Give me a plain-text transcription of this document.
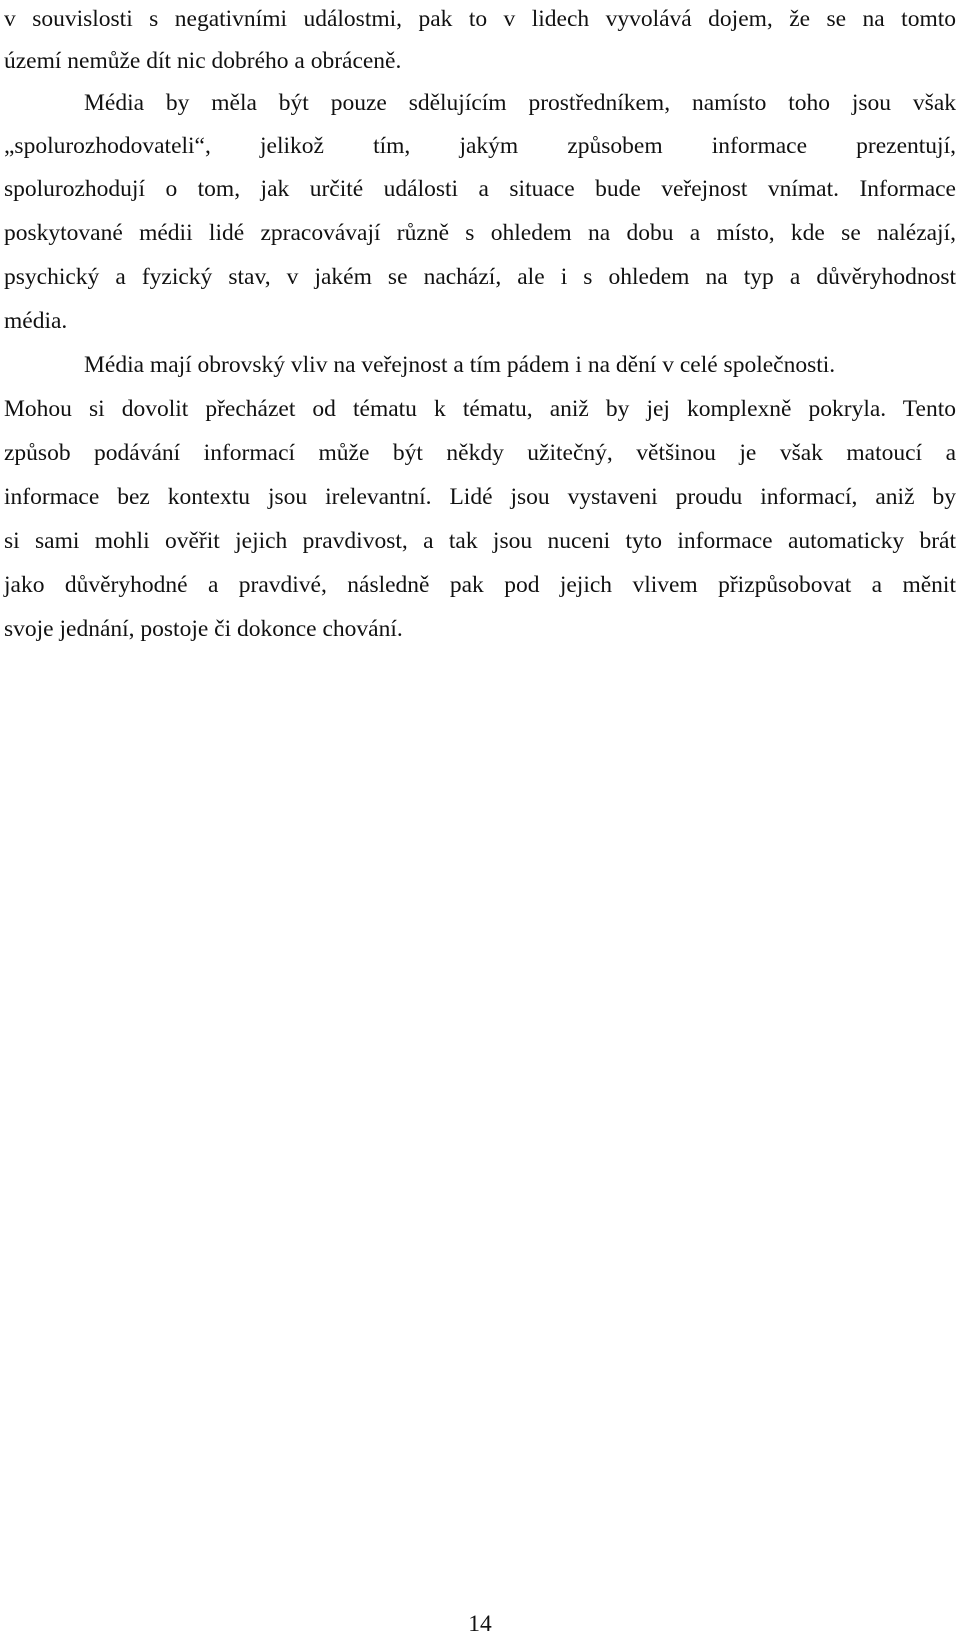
v souvislosti s negativními událostmi, pak to v lidech vyvolává dojem, že se na tomto
území nemůže dít nic dobrého a obráceně.
Média by měla být pouze sdělujícím prostředníkem, namísto toho jsou však
„spolurozhodovateli“, jelikož tím, jakým způsobem informace prezentují,
spolurozhodují o tom, jak určité události a situace bude veřejnost vnímat. Informace
poskytované médii lidé zpracovávají různě s ohledem na dobu a místo, kde se nalézají,
psychický a fyzický stav, v jakém se nachází, ale i s ohledem na typ a důvěryhodnost
média.
Média mají obrovský vliv na veřejnost a tím pádem i na dění v celé společnosti.
Mohou si dovolit přecházet od tématu k tématu, aniž by jej komplexně pokryla. Tento
způsob podávání informací může být někdy užitečný, většinou je však matoucí a
informace bez kontextu jsou irelevantní. Lidé jsou vystaveni proudu informací, aniž by
si sami mohli ověřit jejich pravdivost, a tak jsou nuceni tyto informace automaticky brát
jako důvěryhodné a pravdivé, následně pak pod jejich vlivem přizpůsobovat a měnit
svoje jednání, postoje či dokonce chování.
14
